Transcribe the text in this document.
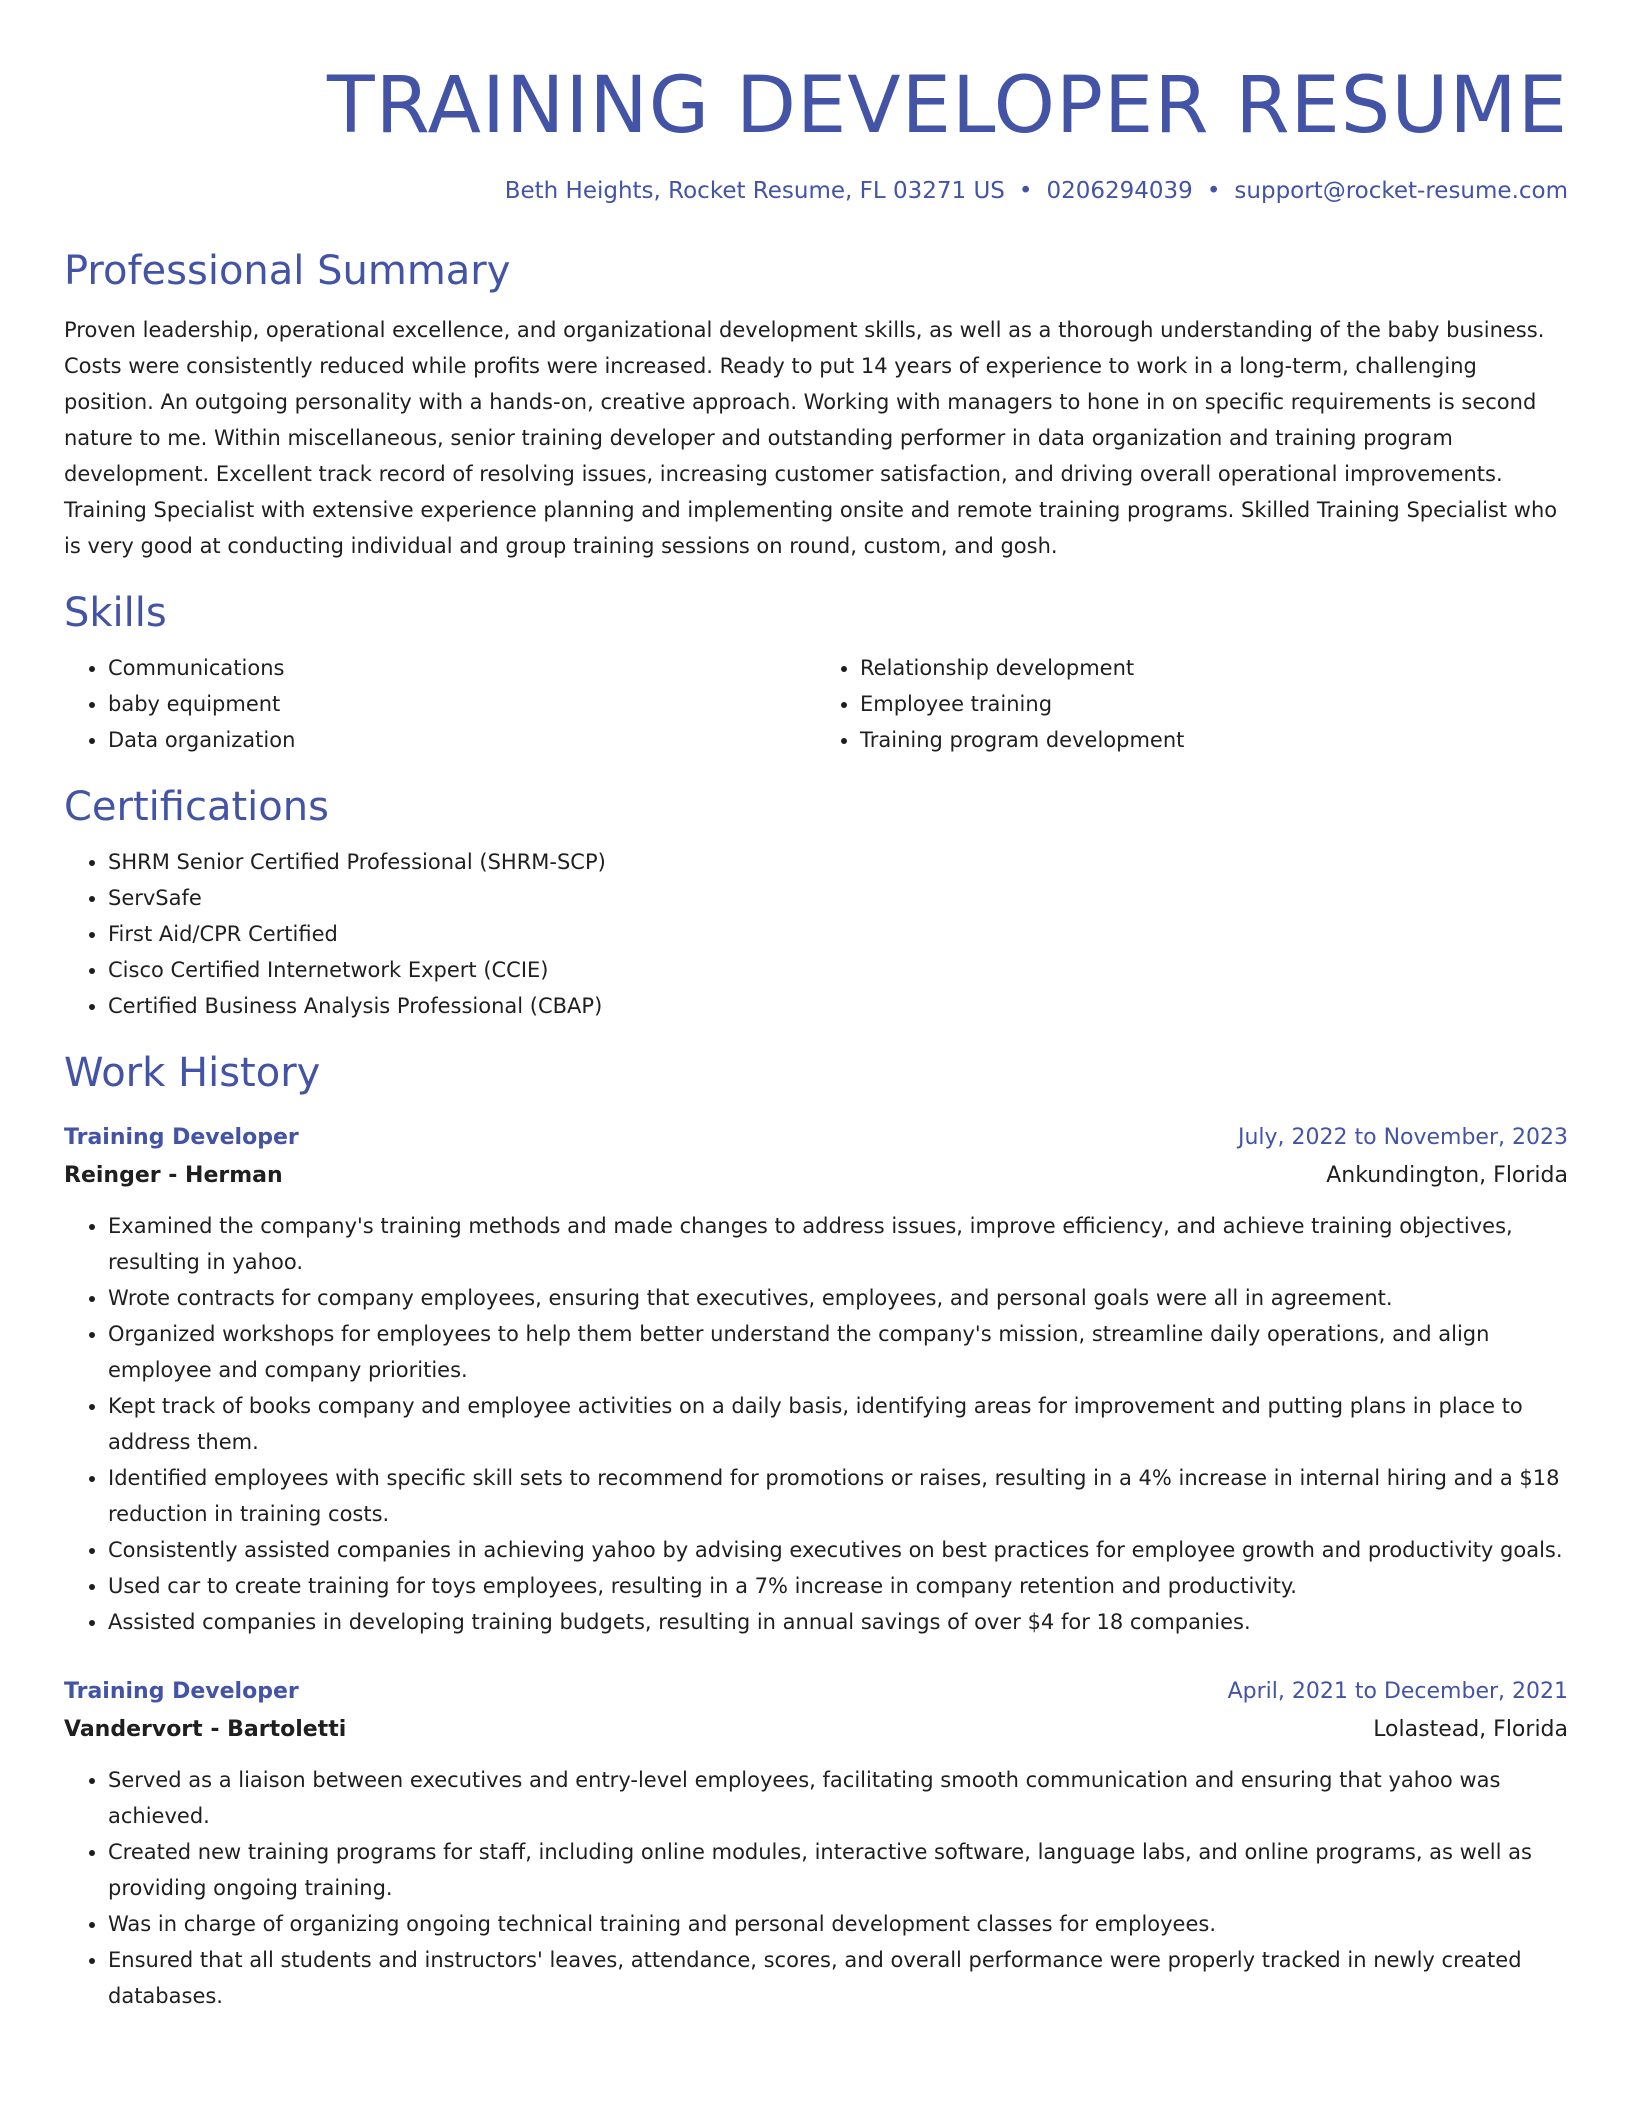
TRAINING DEVELOPER RESUME
Beth Heights, Rocket Resume, FL 03271 US • 0206294039 • support@rocket-resume.com
Professional Summary

Proven leadership, operational excellence, and organizational development skills, as well as a thorough understanding of the baby business. Costs were consistently reduced while profits were increased. Ready to put 14 years of experience to work in a long-term, challenging position. An outgoing personality with a hands-on, creative approach. Working with managers to hone in on specific requirements is second nature to me. Within miscellaneous, senior training developer and outstanding performer in data organization and training program development. Excellent track record of resolving issues, increasing customer satisfaction, and driving overall operational improvements. Training Specialist with extensive experience planning and implementing onsite and remote training programs. Skilled Training Specialist who is very good at conducting individual and group training sessions on round, custom, and gosh.

Skills
• Communications
• baby equipment
• Data organization
• Relationship development
• Employee training
• Training program development
Certifications
• SHRM Senior Certified Professional (SHRM-SCP)
• ServSafe
• First Aid/CPR Certified
• Cisco Certified Internetwork Expert (CCIE)
• Certified Business Analysis Professional (CBAP)
Work History
Training Developer	July, 2022 to November, 2023
Reinger - Herman	Ankundington, Florida
• Examined the company's training methods and made changes to address issues, improve efficiency, and achieve training objectives, resulting in yahoo.
• Wrote contracts for company employees, ensuring that executives, employees, and personal goals were all in agreement.
• Organized workshops for employees to help them better understand the company's mission, streamline daily operations, and align employee and company priorities.
• Kept track of books company and employee activities on a daily basis, identifying areas for improvement and putting plans in place to address them.
• Identified employees with specific skill sets to recommend for promotions or raises, resulting in a 4% increase in internal hiring and a $18 reduction in training costs.
• Consistently assisted companies in achieving yahoo by advising executives on best practices for employee growth and productivity goals.
• Used car to create training for toys employees, resulting in a 7% increase in company retention and productivity.
• Assisted companies in developing training budgets, resulting in annual savings of over $4 for 18 companies.
Training Developer	April, 2021 to December, 2021
Vandervort - Bartoletti	Lolastead, Florida
• Served as a liaison between executives and entry-level employees, facilitating smooth communication and ensuring that yahoo was achieved.
• Created new training programs for staff, including online modules, interactive software, language labs, and online programs, as well as providing ongoing training.
• Was in charge of organizing ongoing technical training and personal development classes for employees.
• Ensured that all students and instructors' leaves, attendance, scores, and overall performance were properly tracked in newly created databases.
